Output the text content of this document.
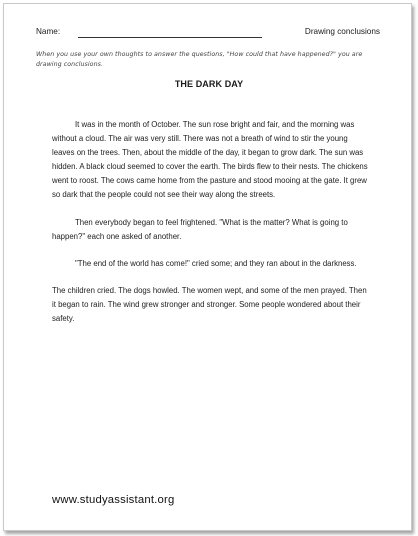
Name:	Drawing conclusions
When you use your own thoughts to answer the questions, "How could that have happened?" you are drawing conclusions.
THE DARK DAY

It was in the month of October. The sun rose bright and fair, and the morning was without a cloud. The air was very still. There was not a breath of wind to stir the young leaves on the trees. Then, about the middle of the day, it began to grow dark. The sun was hidden. A black cloud seemed to cover the earth. The birds flew to their nests. The chickens went to roost. The cows came home from the pasture and stood mooing at the gate. It grew so dark that the people could not see their way along the streets.

Then everybody began to feel frightened. "What is the matter? What is going to happen?" each one asked of another.

"The end of the world has come!" cried some; and they ran about in the darkness.

The children cried. The dogs howled. The women wept, and some of the men prayed. Then it began to rain. The wind grew stronger and stronger. Some people wondered about their safety.

www.studyassistant.org
